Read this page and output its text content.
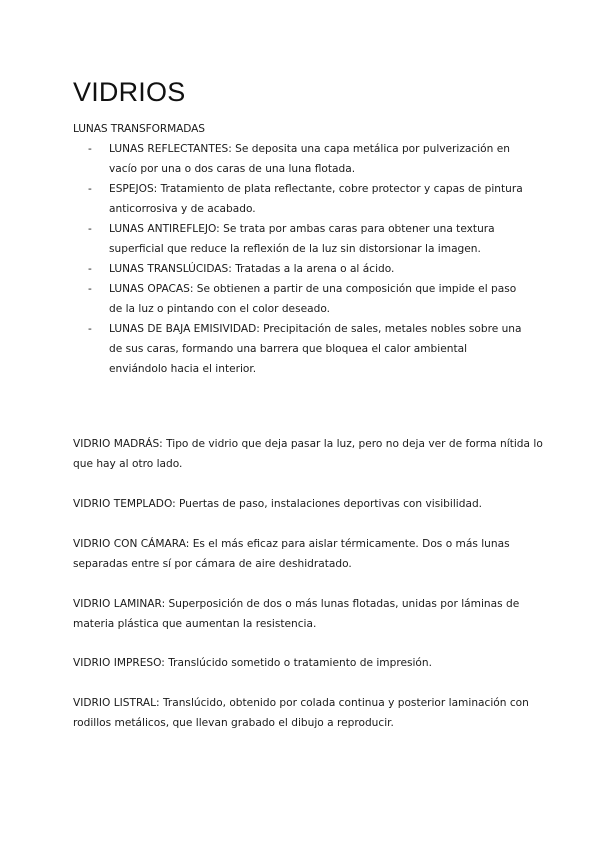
VIDRIOS
LUNAS TRANSFORMADAS
- LUNAS REFLECTANTES: Se deposita una capa metálica por pulverización en vacío por una o dos caras de una luna flotada.
- ESPEJOS: Tratamiento de plata reflectante, cobre protector y capas de pintura anticorrosiva y de acabado.
- LUNAS ANTIREFLEJO: Se trata por ambas caras para obtener una textura superficial que reduce la reflexión de la luz sin distorsionar la imagen.
- LUNAS TRANSLÚCIDAS: Tratadas a la arena o al ácido.
- LUNAS OPACAS: Se obtienen a partir de una composición que impide el paso de la luz o pintando con el color deseado.
- LUNAS DE BAJA EMISIVIDAD: Precipitación de sales, metales nobles sobre una de sus caras, formando una barrera que bloquea el calor ambiental enviándolo hacia el interior.
VIDRIO MADRÁS: Tipo de vidrio que deja pasar la luz, pero no deja ver de forma nítida lo que hay al otro lado.
VIDRIO TEMPLADO: Puertas de paso, instalaciones deportivas con visibilidad.
VIDRIO CON CÁMARA: Es el más eficaz para aislar térmicamente. Dos o más lunas separadas entre sí por cámara de aire deshidratado.
VIDRIO LAMINAR: Superposición de dos o más lunas flotadas, unidas por láminas de materia plástica que aumentan la resistencia.
VIDRIO IMPRESO: Translúcido sometido o tratamiento de impresión.
VIDRIO LISTRAL: Translúcido, obtenido por colada continua y posterior laminación con rodillos metálicos, que llevan grabado el dibujo a reproducir.
